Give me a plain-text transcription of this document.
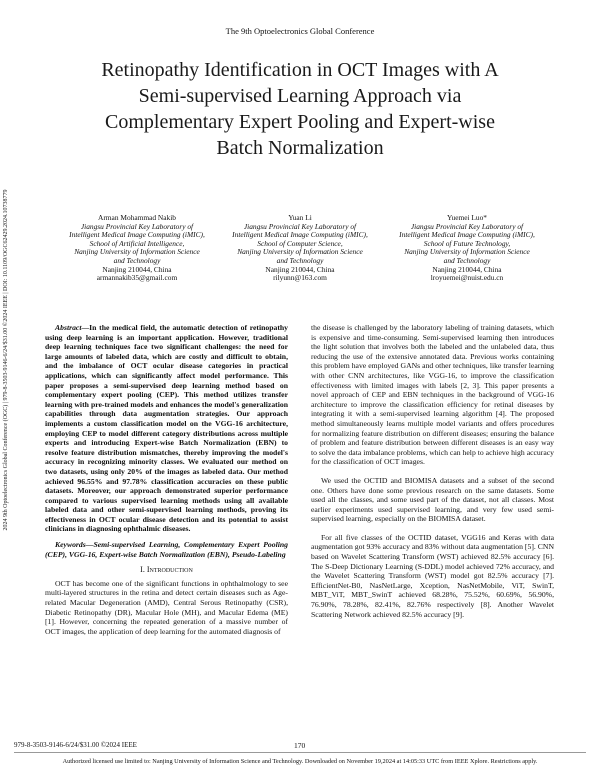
The 9th Optoelectronics Global Conference
Retinopathy Identification in OCT Images with A
Semi-supervised Learning Approach via
Complementary Expert Pooling and Expert-wise
Batch Normalization
Arman Mohammad Nakib
Jiangsu Provincial Key Laboratory of
Intelligent Medical Image Computing (iMIC),
School of Artificial Intelligence,
Nanjing University of Information Science
and Technology
Nanjing 210044, China
armannakib35@gmail.com
Yuan Li
Jiangsu Provincial Key Laboratory of
Intelligent Medical Image Computing (iMIC),
School of Computer Science,
Nanjing University of Information Science
and Technology
Nanjing 210044, China
rilyunn@163.com
Yuemei Luo*
Jiangsu Provincial Key Laboratory of
Intelligent Medical Image Computing (iMIC),
School of Future Technology,
Nanjing University of Information Science
and Technology
Nanjing 210044, China
lroyuemei@nuist.edu.cn
2024 9th Optoelectronics Global Conference (OGC) | 979-8-3503-9146-6/24/$31.00 ©2024 IEEE | DOI: 10.1109/OGC62429.2024.10738779	Abstract—In the medical field, the automatic detection of retinopathy using deep learning is an important application. However, traditional deep learning techniques face two significant challenges: the need for large amounts of labeled data, which are costly and difficult to obtain, and the imbalance of OCT ocular disease categories in practical applications, which can significantly affect model performance. This paper proposes a semi-supervised deep learning method based on complementary expert pooling (CEP). This method utilizes transfer learning with pre-trained models and enhances the model's generalization capabilities through data augmentation strategies. Our approach implements a custom classification model on the VGG-16 architecture, employing CEP to model different category distributions across multiple experts and introducing Expert-wise Batch Normalization (EBN) to resolve feature distribution mismatches, thereby improving the model's accuracy in recognizing minority classes. We evaluated our method on two datasets, using only 20% of the images as labeled data. Our method achieved 96.55% and 97.78% classification accuracies on these public datasets. Moreover, our approach demonstrated superior performance compared to various supervised learning methods using all available labeled data and other semi-supervised learning methods, proving its effectiveness in OCT ocular disease detection and its potential to assist clinicians in diagnosing ophthalmic diseases.

Keywords—Semi-supervised Learning, Complementary Expert Pooling (CEP), VGG-16, Expert-wise Batch Normalization (EBN), Pseudo-Labeling

I. Introduction

OCT has become one of the significant functions in ophthalmology to see multi-layered structures in the retina and detect certain diseases such as Age-related Macular Degeneration (AMD), Central Serous Retinopathy (CSR), Diabetic Retinopathy (DR), Macular Hole (MH), and Macular Edema (ME) [1]. However, concerning the repeated generation of a massive number of OCT images, the application of deep learning for the automated diagnosis of

the disease is challenged by the laboratory labeling of training datasets, which is expensive and time-consuming. Semi-supervised learning then introduces the light solution that involves both the labeled and the unlabeled data, thus reducing the use of the extensive annotated data. Previous works containing this problem have employed GANs and other techniques, like transfer learning with other CNN architectures, like VGG-16, to improve the classification effectiveness with limited images with labels [2, 3]. This paper presents a novel approach of CEP and EBN techniques in the background of VGG-16 architecture to improve the classification efficiency for retinal diseases by integrating it with a semi-supervised learning algorithm [4]. The proposed method simultaneously learns multiple model variants and offers procedures for normalizing feature distribution on different diseases; ensuring the balance of problem and feature distribution between different diseases is an easy way to solve the data imbalance problems, which can help to achieve high accuracy for the classification of OCT images.

We used the OCTID and BIOMISA datasets and a subset of the second one. Others have done some previous research on the same datasets. Some used all the classes, and some used part of the dataset, not all classes. Most earlier experiments used supervised learning, and very few used semi-supervised learning, especially on the BIOMISA dataset.

For all five classes of the OCTID dataset, VGG16 and Keras with data augmentation got 93% accuracy and 83% without data augmentation [5]. CNN based on Wavelet Scattering Transform (WST) achieved 82.5% accuracy [6]. The S-Deep Dictionary Learning (S-DDL) model achieved 72% accuracy, and the Wavelet Scattering Transform (WST) model got 82.5% accuracy [7]. EfficientNet-B0, NasNetLarge, Xception, NasNetMobile, ViT, SwinT, MBT_ViT, MBT_SwinT achieved 68.28%, 75.52%, 60.69%, 56.90%, 76.90%, 78.28%, 82.41%, 82.76% respectively [8]. Another Wavelet Scattering Network achieved 82.5% accuracy [9].

979-8-3503-9146-6/24/$31.00 ©2024 IEEE	170
Authorized licensed use limited to: Nanjing University of Information Science and Technology. Downloaded on November 19,2024 at 14:05:33 UTC from IEEE Xplore. Restrictions apply.
